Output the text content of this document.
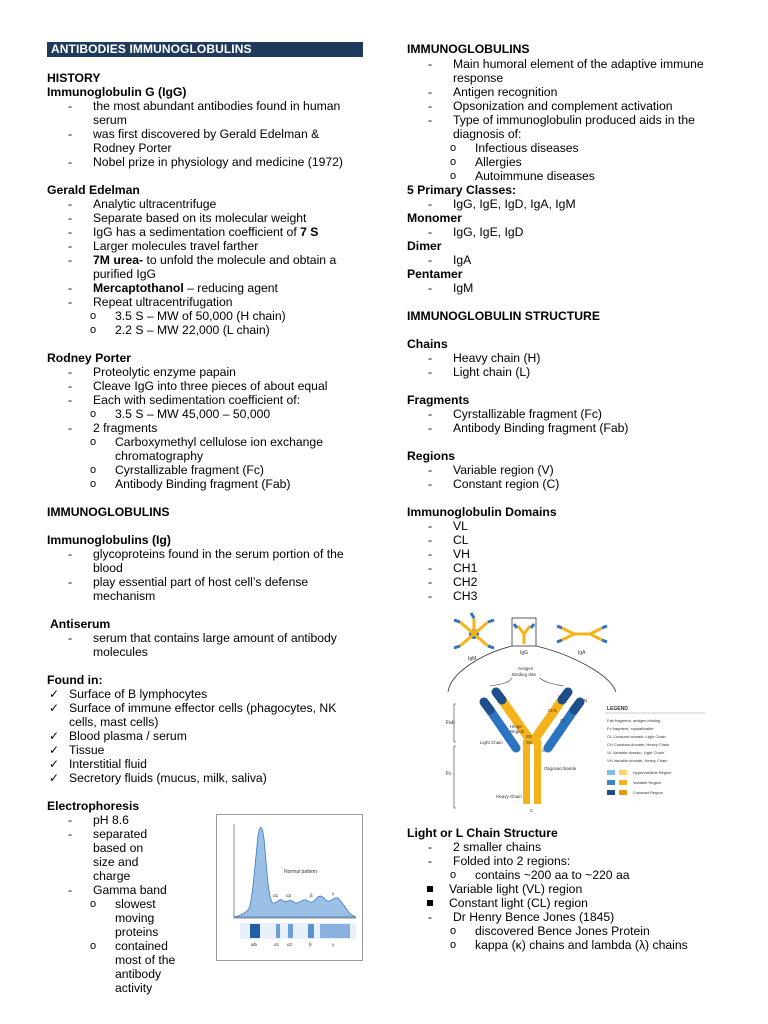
ANTIBODIES IMMUNOGLOBULINS
HISTORY
Immunoglobulin G (IgG)
- the most abundant antibodies found in human serum
- was first discovered by Gerald Edelman & Rodney Porter
- Nobel prize in physiology and medicine (1972)
Gerald Edelman
- Analytic ultracentrifuge
- Separate based on its molecular weight
- IgG has a sedimentation coefficient of 7 S
- Larger molecules travel farther
- 7M urea- to unfold the molecule and obtain a purified IgG
- Mercaptothanol – reducing agent
- Repeat ultracentrifugation
o 3.5 S – MW of 50,000 (H chain)
o 2.2 S – MW 22,000 (L chain)
Rodney Porter
- Proteolytic enzyme papain
- Cleave IgG into three pieces of about equal
- Each with sedimentation coefficient of:
o 3.5 S – MW 45,000 – 50,000
- 2 fragments
o Carboxymethyl cellulose ion exchange chromatography
o Cyrstallizable fragment (Fc)
o Antibody Binding fragment (Fab)
IMMUNOGLOBULINS
Immunoglobulins (Ig)
- glycoproteins found in the serum portion of the blood
- play essential part of host cell’s defense mechanism
Antiserum
- serum that contains large amount of antibody molecules
Found in:
✓ Surface of B lymphocytes
✓ Surface of immune effector cells (phagocytes, NK cells, mast cells)
✓ Blood plasma / serum
✓ Tissue
✓ Interstitial fluid
✓ Secretory fluids (mucus, milk, saliva)
Electrophoresis
- pH 8.6
- separated based on size and charge
- Gamma band
o slowest moving proteins
o contained most of the antibody activity
Normal pattern
α1 α2	β	γ
alb	α1 α2	β	γ
IMMUNOGLOBULINS
- Main humoral element of the adaptive immune response
- Antigen recognition
- Opsonization and complement activation
- Type of immunoglobulin produced aids in the diagnosis of:
o Infectious diseases
o Allergies
o Autoimmune diseases
5 Primary Classes:
- IgG, IgE, IgD, IgA, IgM
Monomer
- IgG, IgE, IgD
Dimer
- IgA
Pentamer
- IgM
IMMUNOGLOBULIN STRUCTURE
Chains
- Heavy chain (H)
- Light chain (L)
Fragments
- Cyrstallizable fragment (Fc)
- Antibody Binding fragment (Fab)
Regions
- Variable region (V)
- Constant region (C)
Immunoglobulin Domains
- VL
- CL
- VH
- CH1
- CH2
- CH3
IgM
IgG	IgA
Antigen
Binding Site
SS
SS
Hinge
Region
VL
CL
CH1
N
C
C
Oligosaccharide
Heavy Chain
Fab
Fc
Light Chain
LEGEND
Fab fragment, antigen-binding
Fc fragment, crystallizable
CL Constant domain, Light Chain
CH Constant domain, Heavy Chain
VL Variable domain, Light Chain
VH Variable domain, Heavy Chain
Hypervariable Region
Variable Region
Constant Region
Light or L Chain Structure
- 2 smaller chains
- Folded into 2 regions:
o contains ~200 aa to ~220 aa
Variable light (VL) region
Constant light (CL) region
- Dr Henry Bence Jones (1845)
o discovered Bence Jones Protein
o kappa (κ) chains and lambda (λ) chains
